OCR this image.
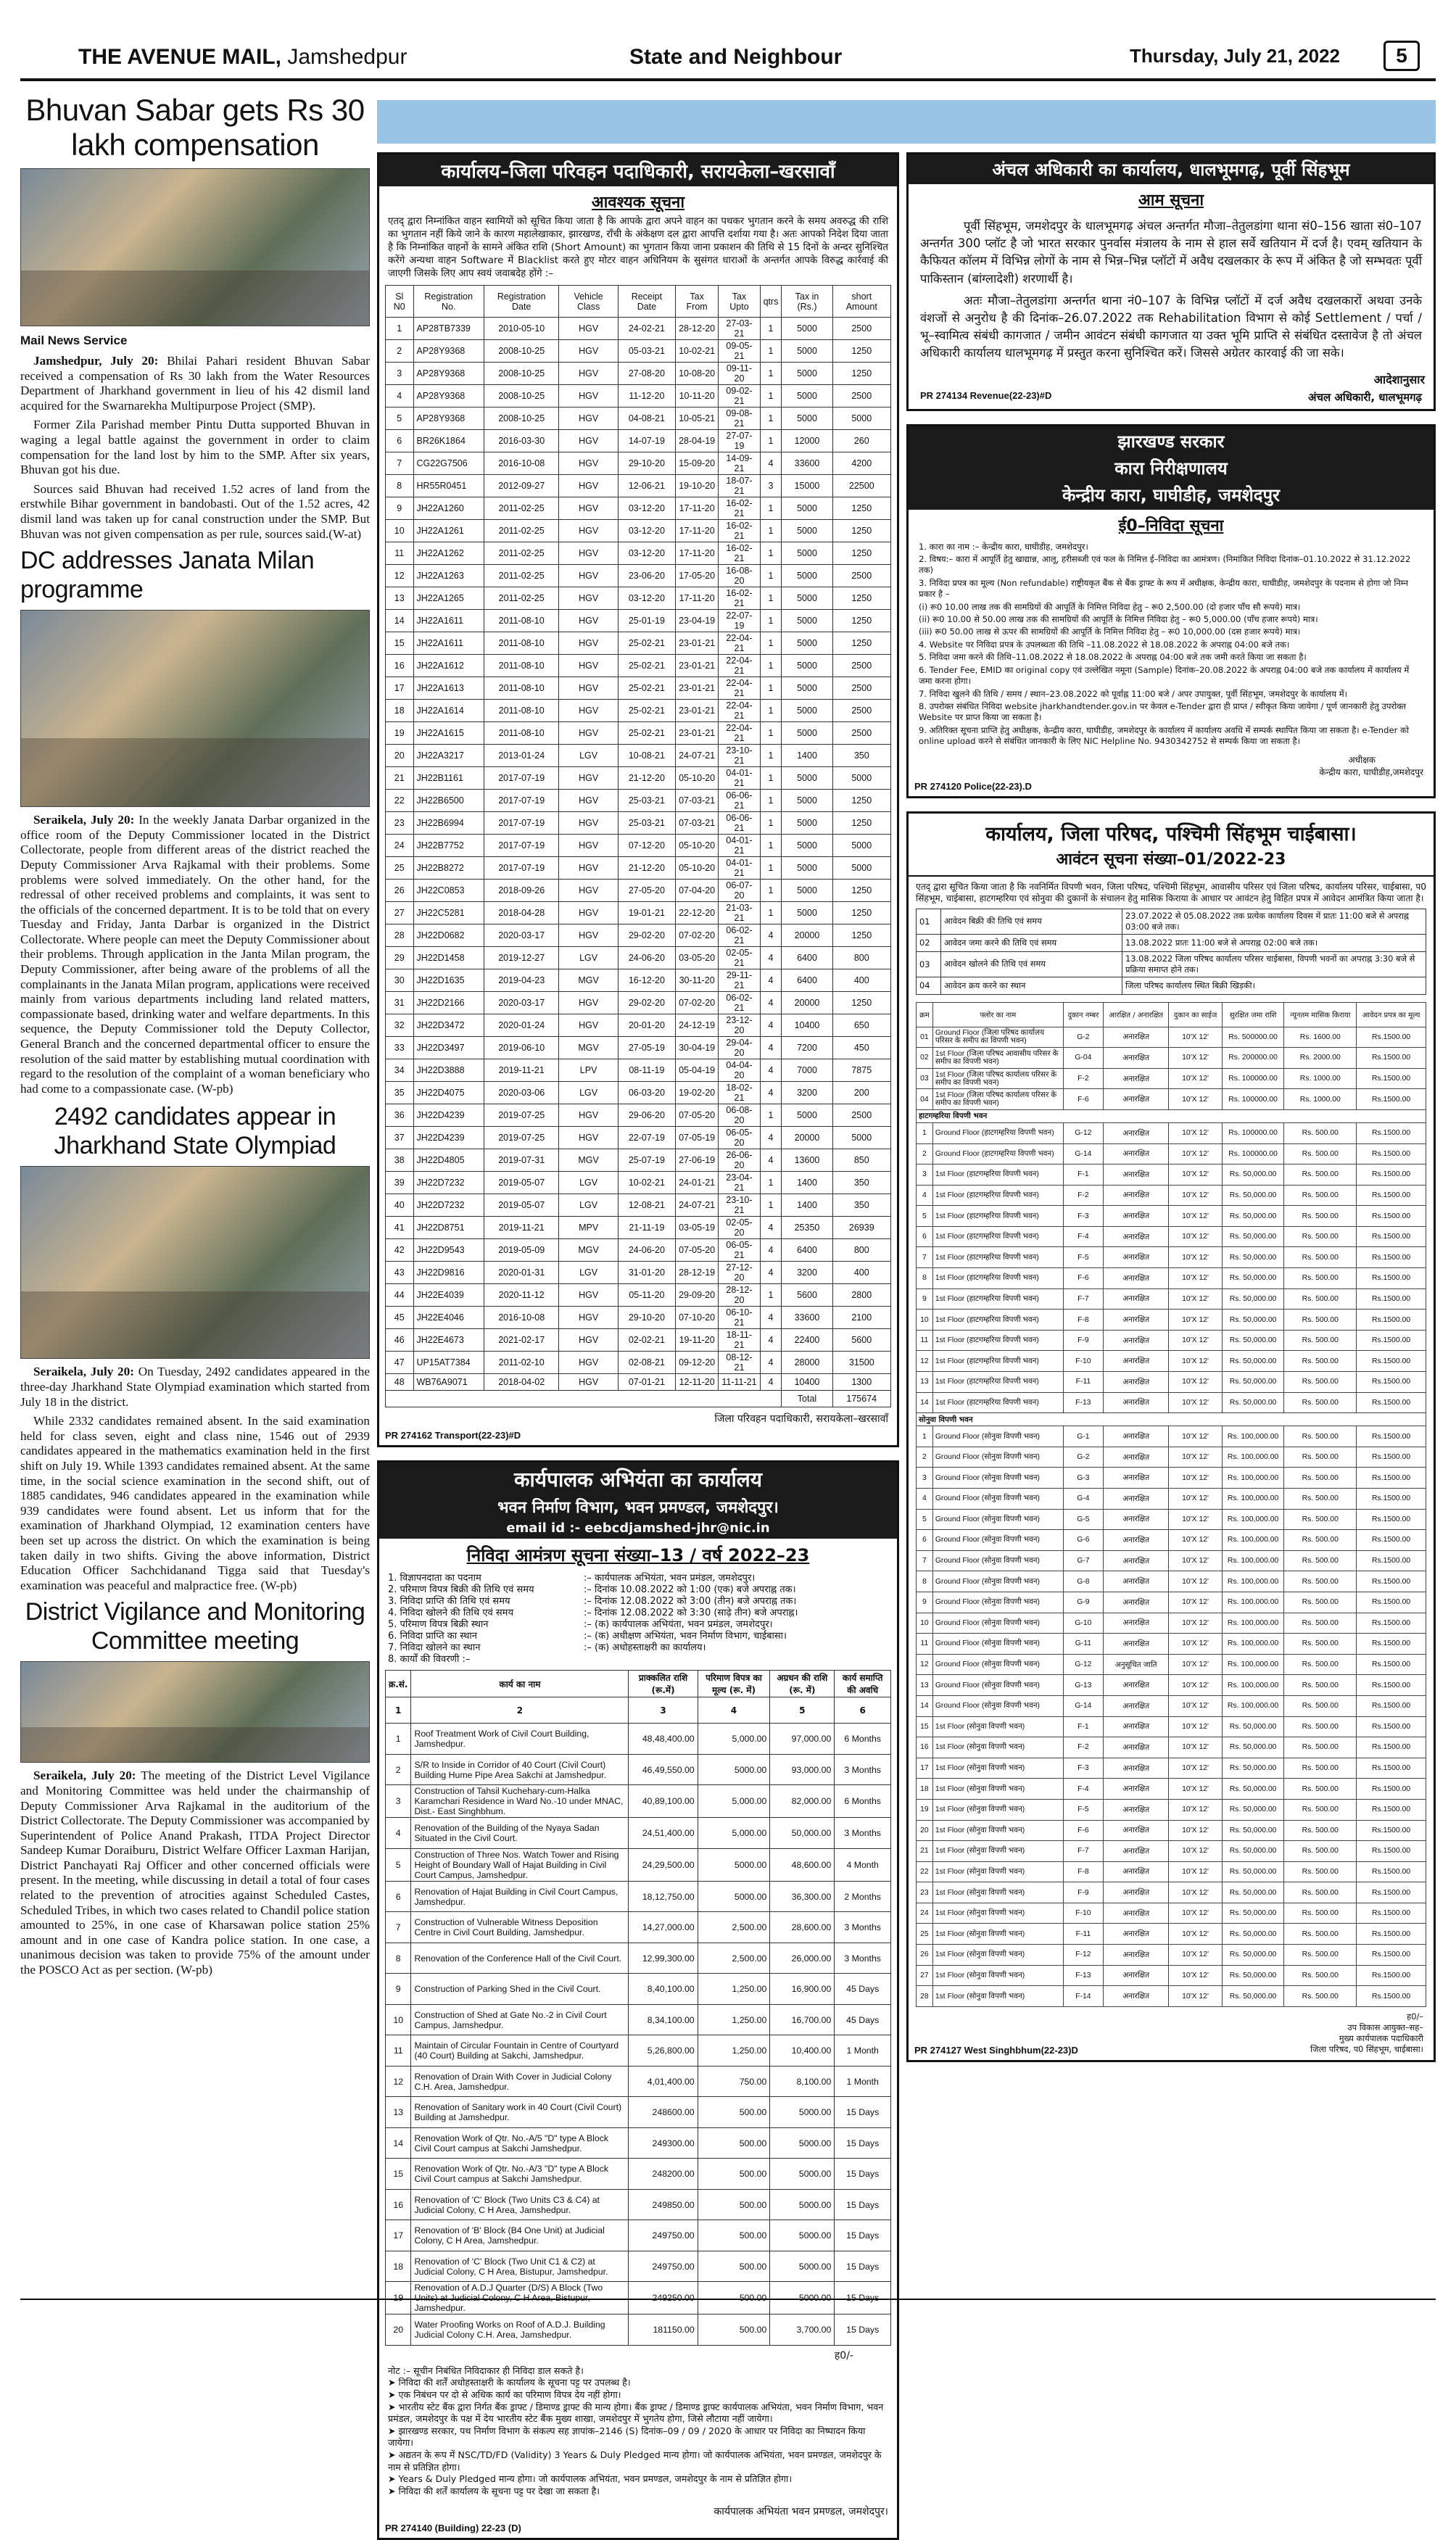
THE AVENUE MAIL, Jamshedpur	State and Neighbour	Thursday, July 21, 2022	5
Bhuvan Sabar gets Rs 30 lakh compensation
Mail News Service

Jamshedpur, July 20: Bhilai Pahari resident Bhuvan Sabar received a compensation of Rs 30 lakh from the Water Resources Department of Jharkhand government in lieu of his 42 dismil land acquired for the Swarnarekha Multipurpose Project (SMP).

Former Zila Parishad member Pintu Dutta supported Bhuvan in waging a legal battle against the government in order to claim compensation for the land lost by him to the SMP. After six years, Bhuvan got his due.

Sources said Bhuvan had received 1.52 acres of land from the erstwhile Bihar government in bandobasti. Out of the 1.52 acres, 42 dismil land was taken up for canal construction under the SMP. But Bhuvan was not given compensation as per rule, sources said.(W-at)

DC addresses Janata Milan programme

Seraikela, July 20: In the weekly Janata Darbar organized in the office room of the Deputy Commissioner located in the District Collectorate, people from different areas of the district reached the Deputy Commissioner Arva Rajkamal with their problems. Some problems were solved immediately. On the other hand, for the redressal of other received problems and complaints, it was sent to the officials of the concerned department. It is to be told that on every Tuesday and Friday, Janta Darbar is organized in the District Collectorate. Where people can meet the Deputy Commissioner about their problems. Through application in the Janta Milan program, the Deputy Commissioner, after being aware of the problems of all the complainants in the Janata Milan program, applications were received mainly from various departments including land related matters, compassionate based, drinking water and welfare departments. In this sequence, the Deputy Commissioner told the Deputy Collector, General Branch and the concerned departmental officer to ensure the resolution of the said matter by establishing mutual coordination with regard to the resolution of the complaint of a woman beneficiary who had come to a compassionate case. (W-pb)

2492 candidates appear in Jharkhand State Olympiad

Seraikela, July 20: On Tuesday, 2492 candidates appeared in the three-day Jharkhand State Olympiad examination which started from July 18 in the district.

While 2332 candidates remained absent. In the said examination held for class seven, eight and class nine, 1546 out of 2939 candidates appeared in the mathematics examination held in the first shift on July 19. While 1393 candidates remained absent. At the same time, in the social science examination in the second shift, out of 1885 candidates, 946 candidates appeared in the examination while 939 candidates were found absent. Let us inform that for the examination of Jharkhand Olympiad, 12 examination centers have been set up across the district. On which the examination is being taken daily in two shifts. Giving the above information, District Education Officer Sachchidanand Tigga said that Tuesday's examination was peaceful and malpractice free. (W-pb)

District Vigilance and Monitoring Committee meeting

Seraikela, July 20: The meeting of the District Level Vigilance and Monitoring Committee was held under the chairmanship of Deputy Commissioner Arva Rajkamal in the auditorium of the District Collectorate. The Deputy Commissioner was accompanied by Superintendent of Police Anand Prakash, ITDA Project Director Sandeep Kumar Doraiburu, District Welfare Officer Laxman Harijan, District Panchayati Raj Officer and other concerned officials were present. In the meeting, while discussing in detail a total of four cases related to the prevention of atrocities against Scheduled Castes, Scheduled Tribes, in which two cases related to Chandil police station amounted to 25%, in one case of Kharsawan police station 25% amount and in one case of Kandra police station. In one case, a unanimous decision was taken to provide 75% of the amount under the POSCO Act as per section. (W-pb)

कार्यालय–जिला परिवहन पदाधिकारी, सरायकेला–खरसावाँ
आवश्यक सूचना

एतद् द्वारा निम्नांकित वाहन स्वामियों को सूचित किया जाता है कि आपके द्वारा अपने वाहन का पथकर भुगतान करने के समय अवरुद्ध की राशि का भुगतान नहीं किये जाने के कारण महालेखाकार, झारखण्ड, राँची के अंकेक्षण दल द्वारा आपत्ति दर्शाया गया है। अतः आपको निदेश दिया जाता है कि निम्नांकित वाहनों के सामने अंकित राशि (Short Amount) का भुगतान किया जाना प्रकाशन की तिथि से 15 दिनों के अन्दर सुनिश्चित करेंगे अन्यथा वाहन Software में Blacklist करते हुए मोटर वाहन अधिनियम के सुसंगत धाराओं के अन्तर्गत आपके विरुद्ध कार्रवाई की जाएगी जिसके लिए आप स्वयं जवाबदेह होंगे :–

Sl N0	Registration No.	Registration Date	Vehicle Class	Receipt Date	Tax From	Tax Upto	qtrs	Tax in (Rs.)	short Amount
1	AP28TB7339	2010-05-10	HGV	24-02-21	28-12-20	27-03-21	1	5000	2500
2	AP28Y9368	2008-10-25	HGV	05-03-21	10-02-21	09-05-21	1	5000	1250
3	AP28Y9368	2008-10-25	HGV	27-08-20	10-08-20	09-11-20	1	5000	1250
4	AP28Y9368	2008-10-25	HGV	11-12-20	10-11-20	09-02-21	1	5000	2500
5	AP28Y9368	2008-10-25	HGV	04-08-21	10-05-21	09-08-21	1	5000	5000
6	BR26K1864	2016-03-30	HGV	14-07-19	28-04-19	27-07-19	1	12000	260
7	CG22G7506	2016-10-08	HGV	29-10-20	15-09-20	14-09-21	4	33600	4200
8	HR55R0451	2012-09-27	HGV	12-06-21	19-10-20	18-07-21	3	15000	22500
9	JH22A1260	2011-02-25	HGV	03-12-20	17-11-20	16-02-21	1	5000	1250
10	JH22A1261	2011-02-25	HGV	03-12-20	17-11-20	16-02-21	1	5000	1250
11	JH22A1262	2011-02-25	HGV	03-12-20	17-11-20	16-02-21	1	5000	1250
12	JH22A1263	2011-02-25	HGV	23-06-20	17-05-20	16-08-20	1	5000	2500
13	JH22A1265	2011-02-25	HGV	03-12-20	17-11-20	16-02-21	1	5000	1250
14	JH22A1611	2011-08-10	HGV	25-01-19	23-04-19	22-07-19	1	5000	1250
15	JH22A1611	2011-08-10	HGV	25-02-21	23-01-21	22-04-21	1	5000	1250
16	JH22A1612	2011-08-10	HGV	25-02-21	23-01-21	22-04-21	1	5000	2500
17	JH22A1613	2011-08-10	HGV	25-02-21	23-01-21	22-04-21	1	5000	2500
18	JH22A1614	2011-08-10	HGV	25-02-21	23-01-21	22-04-21	1	5000	2500
19	JH22A1615	2011-08-10	HGV	25-02-21	23-01-21	22-04-21	1	5000	2500
20	JH22A3217	2013-01-24	LGV	10-08-21	24-07-21	23-10-21	1	1400	350
21	JH22B1161	2017-07-19	HGV	21-12-20	05-10-20	04-01-21	1	5000	5000
22	JH22B6500	2017-07-19	HGV	25-03-21	07-03-21	06-06-21	1	5000	1250
23	JH22B6994	2017-07-19	HGV	25-03-21	07-03-21	06-06-21	1	5000	1250
24	JH22B7752	2017-07-19	HGV	07-12-20	05-10-20	04-01-21	1	5000	5000
25	JH22B8272	2017-07-19	HGV	21-12-20	05-10-20	04-01-21	1	5000	5000
26	JH22C0853	2018-09-26	HGV	27-05-20	07-04-20	06-07-20	1	5000	1250
27	JH22C5281	2018-04-28	HGV	19-01-21	22-12-20	21-03-21	1	5000	1250
28	JH22D0682	2020-03-17	HGV	29-02-20	07-02-20	06-02-21	4	20000	1250
29	JH22D1458	2019-12-27	LGV	24-06-20	03-05-20	02-05-21	4	6400	800
30	JH22D1635	2019-04-23	MGV	16-12-20	30-11-20	29-11-21	4	6400	400
31	JH22D2166	2020-03-17	HGV	29-02-20	07-02-20	06-02-21	4	20000	1250
32	JH22D3472	2020-01-24	HGV	20-01-20	24-12-19	23-12-20	4	10400	650
33	JH22D3497	2019-06-10	MGV	27-05-19	30-04-19	29-04-20	4	7200	450
34	JH22D3888	2019-11-21	LPV	08-11-19	05-04-19	04-04-20	4	7000	7875
35	JH22D4075	2020-03-06	LGV	06-03-20	19-02-20	18-02-21	4	3200	200
36	JH22D4239	2019-07-25	HGV	29-06-20	07-05-20	06-08-20	1	5000	2500
37	JH22D4239	2019-07-25	HGV	22-07-19	07-05-19	06-05-20	4	20000	5000
38	JH22D4805	2019-07-31	MGV	25-07-19	27-06-19	26-06-20	4	13600	850
39	JH22D7232	2019-05-07	LGV	10-02-21	24-01-21	23-04-21	1	1400	350
40	JH22D7232	2019-05-07	LGV	12-08-21	24-07-21	23-10-21	1	1400	350
41	JH22D8751	2019-11-21	MPV	21-11-19	03-05-19	02-05-20	4	25350	26939
42	JH22D9543	2019-05-09	MGV	24-06-20	07-05-20	06-05-21	4	6400	800
43	JH22D9816	2020-01-31	LGV	31-01-20	28-12-19	27-12-20	4	3200	400
44	JH22E4039	2020-11-12	HGV	05-11-20	29-09-20	28-12-20	1	5600	2800
45	JH22E4046	2016-10-08	HGV	29-10-20	07-10-20	06-10-21	4	33600	2100
46	JH22E4673	2021-02-17	HGV	02-02-21	19-11-20	18-11-21	4	22400	5600
47	UP15AT7384	2011-02-10	HGV	02-08-21	09-12-20	08-12-21	4	28000	31500
48	WB76A9071	2018-04-02	HGV	07-01-21	12-11-20	11-11-21	4	10400	1300
								Total	175674
जिला परिवहन पदाधिकारी, सरायकेला–खरसावाँ
PR 274162 Transport(22-23)#D
कार्यपालक अभियंता का कार्यालय
भवन निर्माण विभाग, भवन प्रमण्डल, जमशेदपुर।
email id :- eebcdjamshed-jhr@nic.in
निविदा आमंत्रण सूचना संख्या–13 / वर्ष 2022–23
1. विज्ञापनदाता का पदनाम	:– कार्यपालक अभियंता, भवन प्रमंडल, जमशेदपुर।
2. परिमाण विपत्र बिक्री की तिथि एवं समय	:– दिनांक 10.08.2022 को 1:00 (एक) बजे अपराह्न तक।
3. निविदा प्राप्ति की तिथि एवं समय	:– दिनांक 12.08.2022 को 3:00 (तीन) बजे अपराह्न तक।
4. निविदा खोलने की तिथि एवं समय	:– दिनांक 12.08.2022 को 3:30 (साढ़े तीन) बजे अपराह्न।
5. परिमाण विपत्र बिक्री स्थान	:– (क) कार्यपालक अभियंता, भवन प्रमंडल, जमशेदपुर।
6. निविदा प्राप्ति का स्थान	:– (क) अधीक्षण अभियंता, भवन निर्माण विभाग, चाईबासा।
7. निविदा खोलने का स्थान	:– (क) अधोहस्ताक्षरी का कार्यालय।
8. कार्यों की विवरणी :–
क्र.सं.	कार्य का नाम	प्राक्कलित राशि (रू.में)	परिमाण विपत्र का मूल्य (रू. में)	अग्रधन की राशि (रू. में)	कार्य समाप्ति की अवधि
1	2	3	4	5	6
1	Roof Treatment Work of Civil Court Building, Jamshedpur.	48,48,400.00	5,000.00	97,000.00	6 Months
2	S/R to Inside in Corridor of 40 Court (Civil Court) Building Hume Pipe Area Sakchi at Jamshedpur.	46,49,550.00	5000.00	93,000.00	3 Months
3	Construction of Tahsil Kuchehary-cum-Halka Karamchari Residence in Ward No.-10 under MNAC, Dist.- East Singhbhum.	40,89,100.00	5,000.00	82,000.00	6 Months
4	Renovation of the Building of the Nyaya Sadan Situated in the Civil Court.	24,51,400.00	5,000.00	50,000.00	3 Months
5	Construction of Three Nos. Watch Tower and Rising Height of Boundary Wall of Hajat Building in Civil Court Campus, Jamshedpur.	24,29,500.00	5000.00	48,600.00	4 Month
6	Renovation of Hajat Building in Civil Court Campus, Jamshedpur.	18,12,750.00	5000.00	36,300.00	2 Months
7	Construction of Vulnerable Witness Deposition Centre in Civil Court Building, Jamshedpur.	14,27,000.00	2,500.00	28,600.00	3 Months
8	Renovation of the Conference Hall of the Civil Court.	12,99,300.00	2,500.00	26,000.00	3 Months
9	Construction of Parking Shed in the Civil Court.	8,40,100.00	1,250.00	16,900.00	45 Days
10	Construction of Shed at Gate No.-2 in Civil Court Campus, Jamshedpur.	8,34,100.00	1,250.00	16,700.00	45 Days
11	Maintain of Circular Fountain in Centre of Courtyard (40 Court) Building at Sakchi, Jamshedpur.	5,26,800.00	1,250.00	10,400.00	1 Month
12	Renovation of Drain With Cover in Judicial Colony C.H. Area, Jamshedpur.	4,01,400.00	750.00	8,100.00	1 Month
13	Renovation of Sanitary work in 40 Court (Civil Court) Building at Jamshedpur.	248600.00	500.00	5000.00	15 Days
14	Renovation Work of Qtr. No.-A/5 "D" type A Block Civil Court campus at Sakchi Jamshedpur.	249300.00	500.00	5000.00	15 Days
15	Renovation Work of Qtr. No.-A/3 "D" type A Block Civil Court campus at Sakchi Jamshedpur.	248200.00	500.00	5000.00	15 Days
16	Renovation of 'C' Block (Two Units C3 & C4) at Judicial Colony, C H Area, Jamshedpur.	249850.00	500.00	5000.00	15 Days
17	Renovation of 'B' Block (B4 One Unit) at Judicial Colony, C H Area, Jamshedpur.	249750.00	500.00	5000.00	15 Days
18	Renovation of 'C' Block (Two Unit C1 & C2) at Judicial Colony, C H Area, Bistupur, Jamshedpur.	249750.00	500.00	5000.00	15 Days
	Renovation of A.D.J Quarter (D/S) A Block (Two Jamshedpur.				
20	Water Proofing Works on Roof of A.D.J. Building Judicial Colony C.H. Area, Jamshedpur.	181150.00	500.00	3,700.00	15 Days
ह0/-
नोट :– सूचीन निबंधित निविदाकार ही निविदा डाल सकते है।
➤ निविदा की शर्तें अधोहस्ताक्षरी के कार्यालय के सूचना पट्ट पर उपलब्ध है।
➤ एक निबंधन पर दो से अधिक कार्य का परिमाण विपत्र देय नहीं होगा।
➤ भारतीय स्टेट बैंक द्वारा निर्गत बैंक ड्राफ्ट / डिमाण्ड ड्राफ्ट की मान्य होगा। बैंक ड्राफ्ट / डिमाण्ड ड्राफ्ट कार्यपालक अभियंता, भवन निर्माण विभाग, भवन प्रमंडल, जमशेदपुर के पक्ष में देय भारतीय स्टेट बैंक मुख्य शाखा, जमशेदपुर में भुगतेय होगा, जिसे लौटाया नहीं जायेगा।
➤ झारखण्ड सरकार, पथ निर्माण विभाग के संकल्प सह ज्ञापांक–2146 (S) दिनांक–09 / 09 / 2020 के आधार पर निविदा का निष्पादन किया जायेगा।
➤ अद्यतन के रूप में NSC/TD/FD (Validity) 3 Years & Duly Pledged मान्य होगा। जो कार्यपालक अभियंता, भवन प्रमण्डल, जमशेदपुर के नाम से प्रतिज्ञित होगा।
➤ Years & Duly Pledged मान्य होगा। जो कार्यपालक अभियंता, भवन प्रमण्डल, जमशेदपुर के नाम से प्रतिज्ञित होगा।
➤ निविदा की शर्तें कार्यालय के सूचना पट्ट पर देखा जा सकता है।
कार्यपालक अभियंता भवन प्रमण्डल, जमशेदपुर।
PR 274140 (Building) 22-23 (D)
अंचल अधिकारी का कार्यालय, धालभूमगढ़, पूर्वी सिंहभूम
आम सूचना

पूर्वी सिंहभूम, जमशेदपुर के धालभूमगढ़ अंचल अन्तर्गत मौजा–तेतुलडांगा थाना सं0–156 खाता सं0–107 अन्तर्गत 300 प्लॉट है जो भारत सरकार पुनर्वास मंत्रालय के नाम से हाल सर्वे खतियान में दर्ज है। एवम् खतियान के कैफियत कॉलम में विभिन्न लोगों के नाम से भिन्न–भिन्न प्लॉटों में अवैध दखलकार के रूप में अंकित है जो सम्भवतः पूर्वी पाकिस्तान (बांग्लादेशी) शरणार्थी है।

अतः मौजा–तेतुलडांगा अन्तर्गत थाना नं0–107 के विभिन्न प्लॉटों में दर्ज अवैध दखलकारों अथवा उनके वंशजों से अनुरोध है की दिनांक–26.07.2022 तक Rehabilitation विभाग से कोई Settlement / पर्चा / भू–स्वामित्व संबंधी कागजात / जमीन आवंटन संबंधी कागजात या उक्त भूमि प्राप्ति से संबंधित दस्तावेज है तो अंचल अधिकारी कार्यालय धालभूमगढ़ में प्रस्तुत करना सुनिश्चित करें। जिससे अग्रेतर कारवाई की जा सके।

आदेशानुसार
PR 274134 Revenue(22-23)#D	अंचल अधिकारी, धालभूमगढ़
झारखण्ड सरकार
कारा निरीक्षणालय
केन्द्रीय कारा, घाघीडीह, जमशेदपुर
ई0–निविदा सूचना
1. कारा का नाम :– केन्द्रीय कारा, घाघीडीह, जमशेदपुर।
2. विषय:– कारा में आपूर्ति हेतु खाद्यान्न, आलू, हरीसब्जी एवं फल के निमित्त ई–निविदा का आमंत्रण। (निमांकित निविदा दिनांक–01.10.2022 से 31.12.2022 तक)
3. निविदा प्रपत्र का मूल्य (Non refundable) राष्ट्रीयकृत बैंक से बैंक ड्राफ्ट के रूप में अधीक्षक, केन्द्रीय कारा, घाघीडीह, जमशेदपुर के पदनाम से होगा जो निम्न प्रकार है –
(i) रू0 10.00 लाख तक की सामग्रियों की आपूर्ति के निमित्त निविदा हेतु – रू0 2,500.00 (दो हजार पाँच सौ रूपये) मात्र।
(ii) रू0 10.00 से 50.00 लाख तक की सामग्रियों की आपूर्ति के निमित्त निविदा हेतु – रू0 5,000.00 (पाँच हजार रूपये) मात्र।
(iii) रू0 50.00 लाख से ऊपर की सामग्रियों की आपूर्ति के निमित्त निविदा हेतु – रू0 10,000.00 (दस हजार रूपये) मात्र।
4. Website पर निविदा प्रपत्र के उपलब्धता की तिथि –11.08.2022 से 18.08.2022 के अपराह्न 04:00 बजे तक।
5. निविदा जमा करने की तिथि–11.08.2022 से 18.08.2022 के अपराह्न 04:00 बजे तक जमी करते किया जा सकता है।
6. Tender Fee, EMID का original copy एवं उल्लेखित नमूना (Sample) दिनांक–20.08.2022 के अपराह्न 04:00 बजे तक कार्यालय में कार्यालय में जमा करना होगा।
7. निविदा खुलने की तिथि / समय / स्थान–23.08.2022 को पूर्वाह्न 11:00 बजे / अपर उपायुक्त, पूर्वी सिंहभूम, जमशेदपुर के कार्यालय में।
8. उपरोक्त संबंधित निविदा website jharkhandtender.gov.in पर केवल e-Tender द्वारा ही प्राप्त / स्वीकृत किया जायेगा / पूर्ण जानकारी हेतु उपरोक्त Website पर प्राप्त किया जा सकता है।
9. अतिरिक्त सूचना प्राप्ति हेतु अधीक्षक, केन्द्रीय कारा, घाघीडीह, जमशेदपुर के कार्यालय में कार्यालय अवधि में सम्पर्क स्थापित किया जा सकता है। e-Tender को online upload करने से संबंधित जानकारी के लिए NIC Helpline No. 9430342752 से सम्पर्क किया जा सकता है।
अधीक्षक
केन्द्रीय कारा, घाघीडीह,जमशेदपुर
PR 274120 Police(22-23).D
कार्यालय, जिला परिषद, पश्चिमी सिंहभूम चाईबासा।
आवंटन सूचना संख्या–01/2022-23

एतद् द्वारा सूचित किया जाता है कि नवनिर्मित विपणी भवन, जिला परिषद, पश्चिमी सिंहभूम, आवासीय परिसर एवं जिला परिषद, कार्यालय परिसर, चाईबासा, प0 सिंहभूम, चाईबासा, हाटगम्हरिया एवं सोनुवा की दुकानों के संचालन हेतु मासिक किराया के आधार पर आवंटन हेतु विहित प्रपत्र में आवेदन आमंत्रित किया जाता है।

01	आवेदन बिक्री की तिथि एवं समय	23.07.2022 से 05.08.2022 तक प्रत्येक कार्यालय दिवस में प्रातः 11:00 बजे से अपराह्न 03:00 बजे तक।
02	आवेदन जमा करने की तिथि एवं समय	13.08.2022 प्रातः 11:00 बजे से अपराह्न 02:00 बजे तक।
03	आवेदन खोलने की तिथि एवं समय	13.08.2022 जिला परिषद कार्यालय परिसर चाईबासा, विपणी भवनों का अपराह्न 3:30 बजे से प्रक्रिया समाप्त होने तक।
04	आवेदन क्रय करने का स्थान	जिला परिषद कार्यालय स्थित बिक्री खिड़की।
क्रम	फ्लोर का नाम	दुकान नम्बर	आरक्षित / अनारक्षित	दुकान का साईज	सुरक्षित जमा राशि	न्यूनतम मासिक किराया	आवेदन प्रपत्र का मूल्य
01	Ground Floor (जिला परिषद कार्यालय परिसर के समीप का विपणी भवन)	G-2	अनारक्षित	10'X 12'	Rs. 500000.00	Rs. 1600.00	Rs.1500.00
02	1st Floor (जिला परिषद आवासीय परिसर के समीप का विपणी भवन)	G-04	अनारक्षित	10'X 12'	Rs. 200000.00	Rs. 2000.00	Rs.1500.00
03	1st Floor (जिला परिषद कार्यालय परिसर के समीप का विपणी भवन)	F-2	अनारक्षित	10'X 12'	Rs. 100000.00	Rs. 1000.00	Rs.1500.00
04	1st Floor (जिला परिषद कार्यालय परिसर के समीप का विपणी भवन)	F-6	अनारक्षित	10'X 12'	Rs. 100000.00	Rs. 1000.00	Rs.1500.00
हाटगम्हरिया विपणी भवन							
1	Ground Floor (हाटगम्हरिया विपणी भवन)	G-12	अनारक्षित	10'X 12'	Rs. 100000.00	Rs. 500.00	Rs.1500.00
2	Ground Floor (हाटगम्हरिया विपणी भवन)	G-14	अनारक्षित	10'X 12'	Rs. 100000.00	Rs. 500.00	Rs.1500.00
3	1st Floor (हाटगम्हरिया विपणी भवन)	F-1	अनारक्षित	10'X 12'	Rs. 50,000.00	Rs. 500.00	Rs.1500.00
4	1st Floor (हाटगम्हरिया विपणी भवन)	F-2	अनारक्षित	10'X 12'	Rs. 50,000.00	Rs. 500.00	Rs.1500.00
5	1st Floor (हाटगम्हरिया विपणी भवन)	F-3	अनारक्षित	10'X 12'	Rs. 50,000.00	Rs. 500.00	Rs.1500.00
6	1st Floor (हाटगम्हरिया विपणी भवन)	F-4	अनारक्षित	10'X 12'	Rs. 50,000.00	Rs. 500.00	Rs.1500.00
7	1st Floor (हाटगम्हरिया विपणी भवन)	F-5	अनारक्षित	10'X 12'	Rs. 50,000.00	Rs. 500.00	Rs.1500.00
8	1st Floor (हाटगम्हरिया विपणी भवन)	F-6	अनारक्षित	10'X 12'	Rs. 50,000.00	Rs. 500.00	Rs.1500.00
9	1st Floor (हाटगम्हरिया विपणी भवन)	F-7	अनारक्षित	10'X 12'	Rs. 50,000.00	Rs. 500.00	Rs.1500.00
10	1st Floor (हाटगम्हरिया विपणी भवन)	F-8	अनारक्षित	10'X 12'	Rs. 50,000.00	Rs. 500.00	Rs.1500.00
11	1st Floor (हाटगम्हरिया विपणी भवन)	F-9	अनारक्षित	10'X 12'	Rs. 50,000.00	Rs. 500.00	Rs.1500.00
12	1st Floor (हाटगम्हरिया विपणी भवन)	F-10	अनारक्षित	10'X 12'	Rs. 50,000.00	Rs. 500.00	Rs.1500.00
13	1st Floor (हाटगम्हरिया विपणी भवन)	F-11	अनारक्षित	10'X 12'	Rs. 50,000.00	Rs. 500.00	Rs.1500.00
14	1st Floor (हाटगम्हरिया विपणी भवन)	F-13	अनारक्षित	10'X 12'	Rs. 50,000.00	Rs. 500.00	Rs.1500.00
सोनुवा विपणी भवन							
1	Ground Floor (सोनुवा विपणी भवन)	G-1	अनारक्षित	10'X 12'	Rs. 100,000.00	Rs. 500.00	Rs.1500.00
2	Ground Floor (सोनुवा विपणी भवन)	G-2	अनारक्षित	10'X 12'	Rs. 100,000.00	Rs. 500.00	Rs.1500.00
3	Ground Floor (सोनुवा विपणी भवन)	G-3	अनारक्षित	10'X 12'	Rs. 100,000.00	Rs. 500.00	Rs.1500.00
4	Ground Floor (सोनुवा विपणी भवन)	G-4	अनारक्षित	10'X 12'	Rs. 100,000.00	Rs. 500.00	Rs.1500.00
5	Ground Floor (सोनुवा विपणी भवन)	G-5	अनारक्षित	10'X 12'	Rs. 100,000.00	Rs. 500.00	Rs.1500.00
6	Ground Floor (सोनुवा विपणी भवन)	G-6	अनारक्षित	10'X 12'	Rs. 100,000.00	Rs. 500.00	Rs.1500.00
7	Ground Floor (सोनुवा विपणी भवन)	G-7	अनारक्षित	10'X 12'	Rs. 100,000.00	Rs. 500.00	Rs.1500.00
8	Ground Floor (सोनुवा विपणी भवन)	G-8	अनारक्षित	10'X 12'	Rs. 100,000.00	Rs. 500.00	Rs.1500.00
9	Ground Floor (सोनुवा विपणी भवन)	G-9	अनारक्षित	10'X 12'	Rs. 100,000.00	Rs. 500.00	Rs.1500.00
10	Ground Floor (सोनुवा विपणी भवन)	G-10	अनारक्षित	10'X 12'	Rs. 100,000.00	Rs. 500.00	Rs.1500.00
11	Ground Floor (सोनुवा विपणी भवन)	G-11	अनारक्षित	10'X 12'	Rs. 100,000.00	Rs. 500.00	Rs.1500.00
12	Ground Floor (सोनुवा विपणी भवन)	G-12	अनुसूचित जाति	10'X 12'	Rs. 100,000.00	Rs. 500.00	Rs.1500.00
13	Ground Floor (सोनुवा विपणी भवन)	G-13	अनारक्षित	10'X 12'	Rs. 100,000.00	Rs. 500.00	Rs.1500.00
14	Ground Floor (सोनुवा विपणी भवन)	G-14	अनारक्षित	10'X 12'	Rs. 100,000.00	Rs. 500.00	Rs.1500.00
15	1st Floor (सोनुवा विपणी भवन)	F-1	अनारक्षित	10'X 12'	Rs. 50,000.00	Rs. 500.00	Rs.1500.00
16	1st Floor (सोनुवा विपणी भवन)	F-2	अनारक्षित	10'X 12'	Rs. 50,000.00	Rs. 500.00	Rs.1500.00
17	1st Floor (सोनुवा विपणी भवन)	F-3	अनारक्षित	10'X 12'	Rs. 50,000.00	Rs. 500.00	Rs.1500.00
18	1st Floor (सोनुवा विपणी भवन)	F-4	अनारक्षित	10'X 12'	Rs. 50,000.00	Rs. 500.00	Rs.1500.00
19	1st Floor (सोनुवा विपणी भवन)	F-5	अनारक्षित	10'X 12'	Rs. 50,000.00	Rs. 500.00	Rs.1500.00
20	1st Floor (सोनुवा विपणी भवन)	F-6	अनारक्षित	10'X 12'	Rs. 50,000.00	Rs. 500.00	Rs.1500.00
21	1st Floor (सोनुवा विपणी भवन)	F-7	अनारक्षित	10'X 12'	Rs. 50,000.00	Rs. 500.00	Rs.1500.00
22	1st Floor (सोनुवा विपणी भवन)	F-8	अनारक्षित	10'X 12'	Rs. 50,000.00	Rs. 500.00	Rs.1500.00
23	1st Floor (सोनुवा विपणी भवन)	F-9	अनारक्षित	10'X 12'	Rs. 50,000.00	Rs. 500.00	Rs.1500.00
24	1st Floor (सोनुवा विपणी भवन)	F-10	अनारक्षित	10'X 12'	Rs. 50,000.00	Rs. 500.00	Rs.1500.00
25	1st Floor (सोनुवा विपणी भवन)	F-11	अनारक्षित	10'X 12'	Rs. 50,000.00	Rs. 500.00	Rs.1500.00
26	1st Floor (सोनुवा विपणी भवन)	F-12	अनारक्षित	10'X 12'	Rs. 50,000.00	Rs. 500.00	Rs.1500.00
27	1st Floor (सोनुवा विपणी भवन)	F-13	अनारक्षित	10'X 12'	Rs. 50,000.00	Rs. 500.00	Rs.1500.00
28	1st Floor (सोनुवा विपणी भवन)	F-14	अनारक्षित	10'X 12'	Rs. 50,000.00	Rs. 500.00	Rs.1500.00
ह0/–
उप विकास आयुक्त–सह–
मुख्य कार्यपालक पदाधिकारी
जिला परिषद, प0 सिंहभूम, चाईबासा।
PR 274127 West Singhbhum(22-23)D
